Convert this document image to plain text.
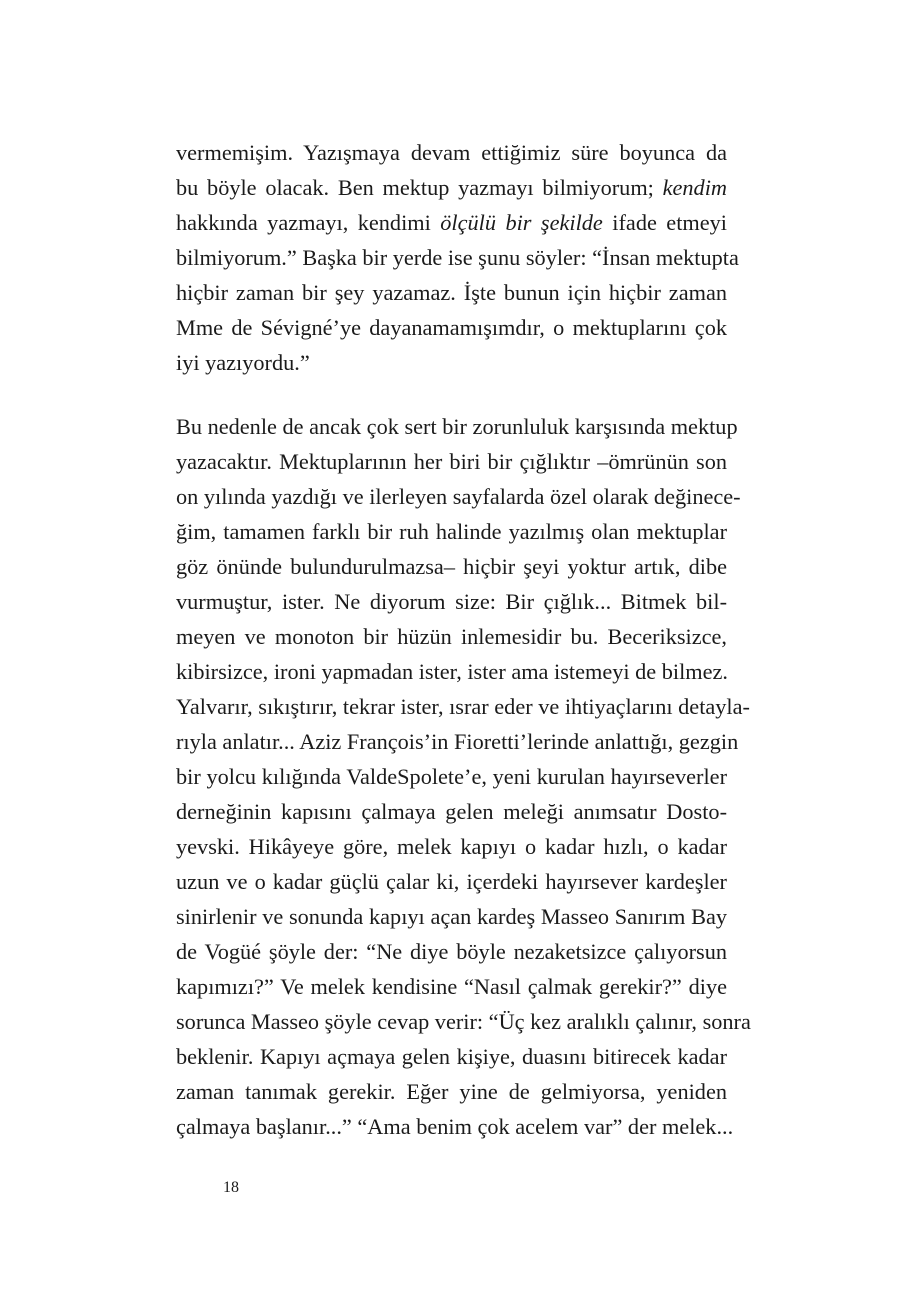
vermemişim. Yazışmaya devam ettiğimiz süre boyunca da
bu böyle olacak. Ben mektup yazmayı bilmiyorum; kendim
hakkında yazmayı, kendimi ölçülü bir şekilde ifade etmeyi
bilmiyorum.” Başka bir yerde ise şunu söyler: “İnsan mektupta
hiçbir zaman bir şey yazamaz. İşte bunun için hiçbir zaman
Mme de Sévigné’ye dayanamamışımdır, o mektuplarını çok
iyi yazıyordu.”
Bu nedenle de ancak çok sert bir zorunluluk karşısında mektup
yazacaktır. Mektuplarının her biri bir çığlıktır –ömrünün son
on yılında yazdığı ve ilerleyen sayfalarda özel olarak değinece-
ğim, tamamen farklı bir ruh halinde yazılmış olan mektuplar
göz önünde bulundurulmazsa– hiçbir şeyi yoktur artık, dibe
vurmuştur, ister. Ne diyorum size: Bir çığlık... Bitmek bil-
meyen ve monoton bir hüzün inlemesidir bu. Beceriksizce,
kibirsizce, ironi yapmadan ister, ister ama istemeyi de bilmez.
Yalvarır, sıkıştırır, tekrar ister, ısrar eder ve ihtiyaçlarını detayla-
rıyla anlatır... Aziz François’in Fioretti’lerinde anlattığı, gezgin
bir yolcu kılığında ValdeSpolete’e, yeni kurulan hayırseverler
derneğinin kapısını çalmaya gelen meleği anımsatır Dosto-
yevski. Hikâyeye göre, melek kapıyı o kadar hızlı, o kadar
uzun ve o kadar güçlü çalar ki, içerdeki hayırsever kardeşler
sinirlenir ve sonunda kapıyı açan kardeş Masseo Sanırım Bay
de Vogüé şöyle der: “Ne diye böyle nezaketsizce çalıyorsun
kapımızı?” Ve melek kendisine “Nasıl çalmak gerekir?” diye
sorunca Masseo şöyle cevap verir: “Üç kez aralıklı çalınır, sonra
beklenir. Kapıyı açmaya gelen kişiye, duasını bitirecek kadar
zaman tanımak gerekir. Eğer yine de gelmiyorsa, yeniden
çalmaya başlanır...” “Ama benim çok acelem var” der melek...
18
